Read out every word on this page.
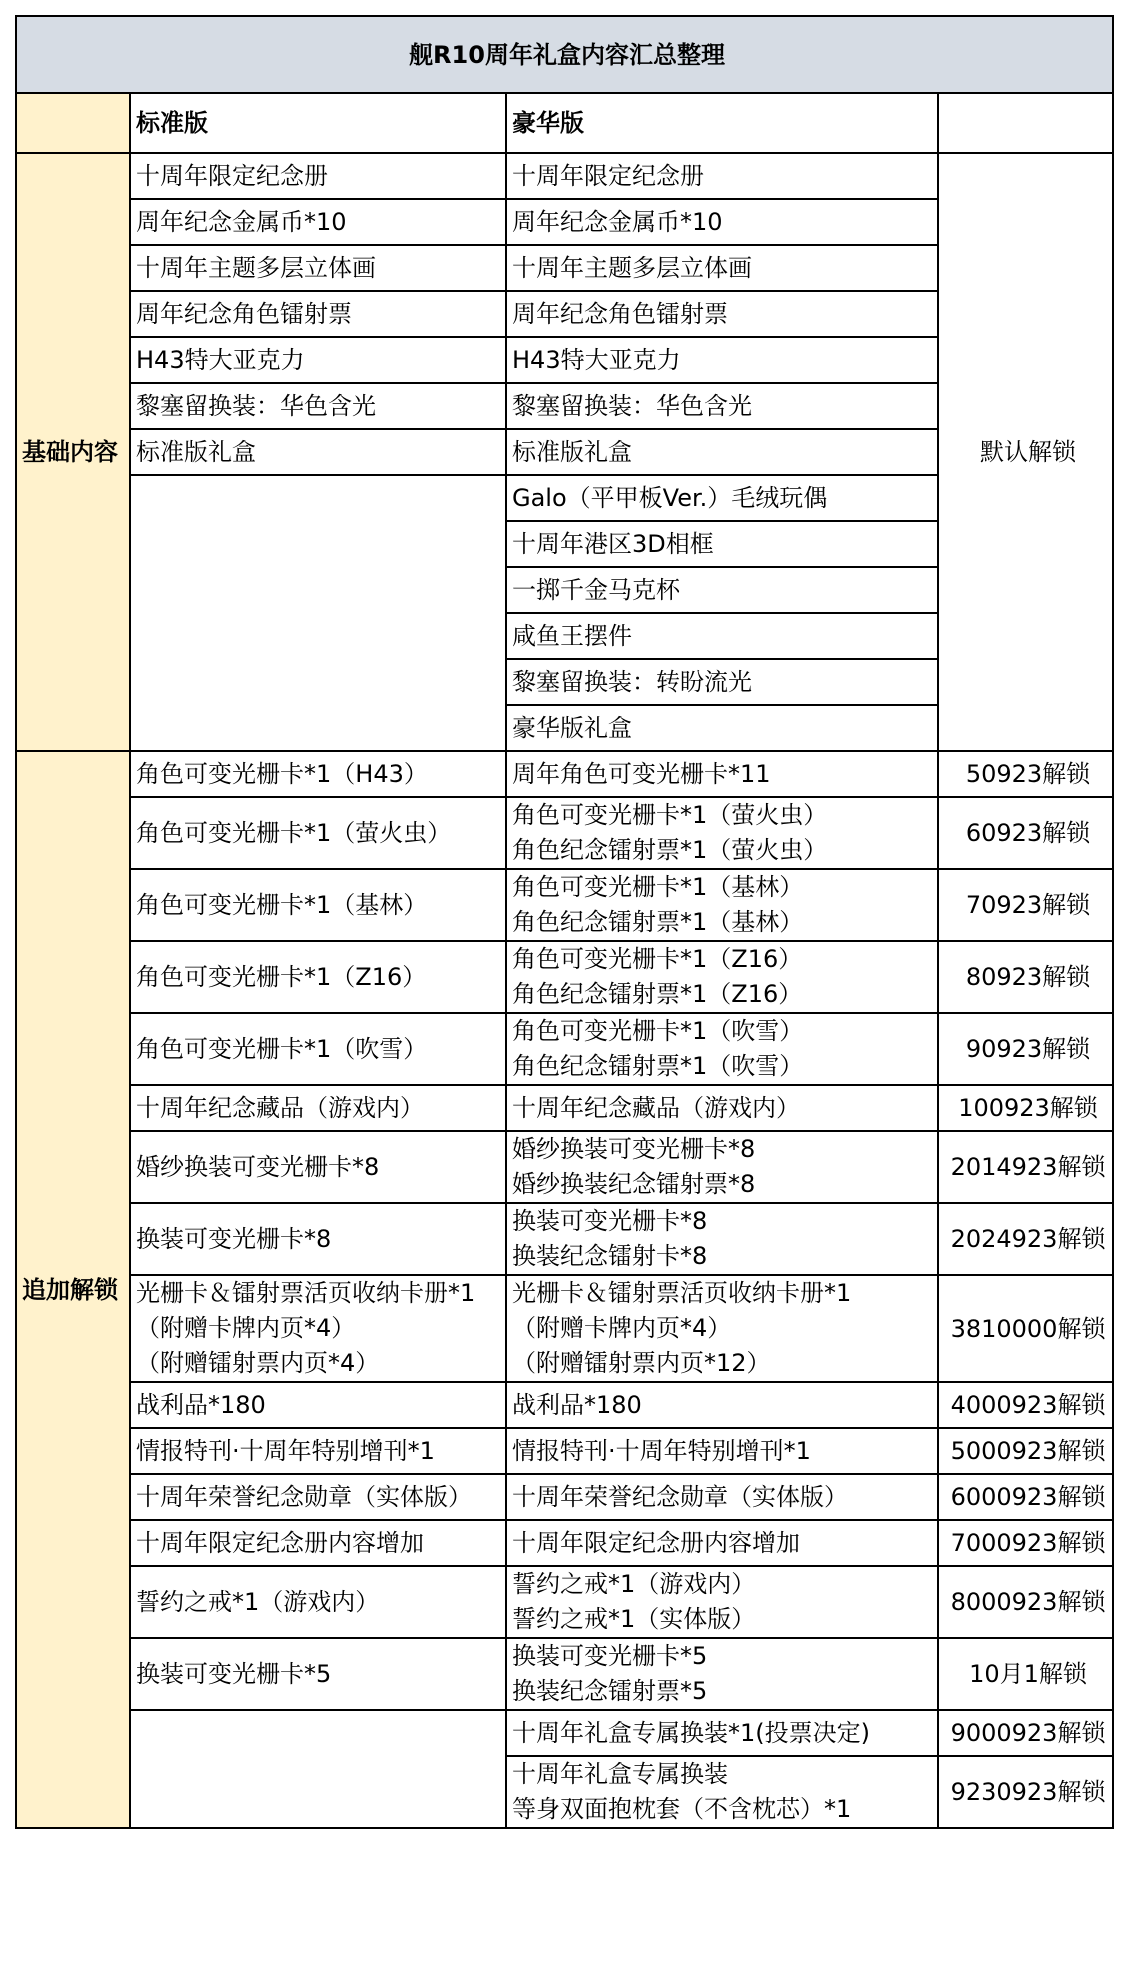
舰R10周年礼盒内容汇总整理			
	标准版	豪华版	
基础内容	十周年限定纪念册	十周年限定纪念册	默认解锁
	周年纪念金属币*10	周年纪念金属币*10	
	十周年主题多层立体画	十周年主题多层立体画	
	周年纪念角色镭射票	周年纪念角色镭射票	
	H43特大亚克力	H43特大亚克力	
	黎塞留换装：华色含光	黎塞留换装：华色含光	
	标准版礼盒	标准版礼盒	
		Galo（平甲板Ver.）毛绒玩偶	
		十周年港区3D相框	
		一掷千金马克杯	
		咸鱼王摆件	
		黎塞留换装：转盼流光	
		豪华版礼盒	
追加解锁	角色可变光栅卡*1（H43）	周年角色可变光栅卡*11	50923解锁

	角色可变光栅卡*1（萤火虫）	角色可变光栅卡*1（萤火虫）
角色纪念镭射票*1（萤火虫）	60923解锁

	角色可变光栅卡*1（基林）	角色可变光栅卡*1（基林）
角色纪念镭射票*1（基林）	70923解锁

	角色可变光栅卡*1（Z16）	角色可变光栅卡*1（Z16）
角色纪念镭射票*1（Z16）	80923解锁

	角色可变光栅卡*1（吹雪）	角色可变光栅卡*1（吹雪）
角色纪念镭射票*1（吹雪）	90923解锁

	十周年纪念藏品（游戏内）	十周年纪念藏品（游戏内）	100923解锁

	婚纱换装可变光栅卡*8	婚纱换装可变光栅卡*8
婚纱换装纪念镭射票*8	2014923解锁

	换装可变光栅卡*8	换装可变光栅卡*8
换装纪念镭射卡*8	2024923解锁

	光栅卡＆镭射票活页收纳卡册*1
（附赠卡牌内页*4）
（附赠镭射票内页*4）	光栅卡＆镭射票活页收纳卡册*1
（附赠卡牌内页*4）
（附赠镭射票内页*12）	3810000解锁

	战利品*180	战利品*180	4000923解锁

	情报特刊·十周年特别增刊*1	情报特刊·十周年特别增刊*1	5000923解锁

	十周年荣誉纪念勋章（实体版）	十周年荣誉纪念勋章（实体版）	6000923解锁

	十周年限定纪念册内容增加	十周年限定纪念册内容增加	7000923解锁

	誓约之戒*1（游戏内）	誓约之戒*1（游戏内）
誓约之戒*1（实体版）	8000923解锁

	换装可变光栅卡*5	换装可变光栅卡*5
换装纪念镭射票*5	10月1解锁

		十周年礼盒专属换装*1(投票决定)	9000923解锁

		十周年礼盒专属换装
等身双面抱枕套（不含枕芯）*1	9230923解锁
